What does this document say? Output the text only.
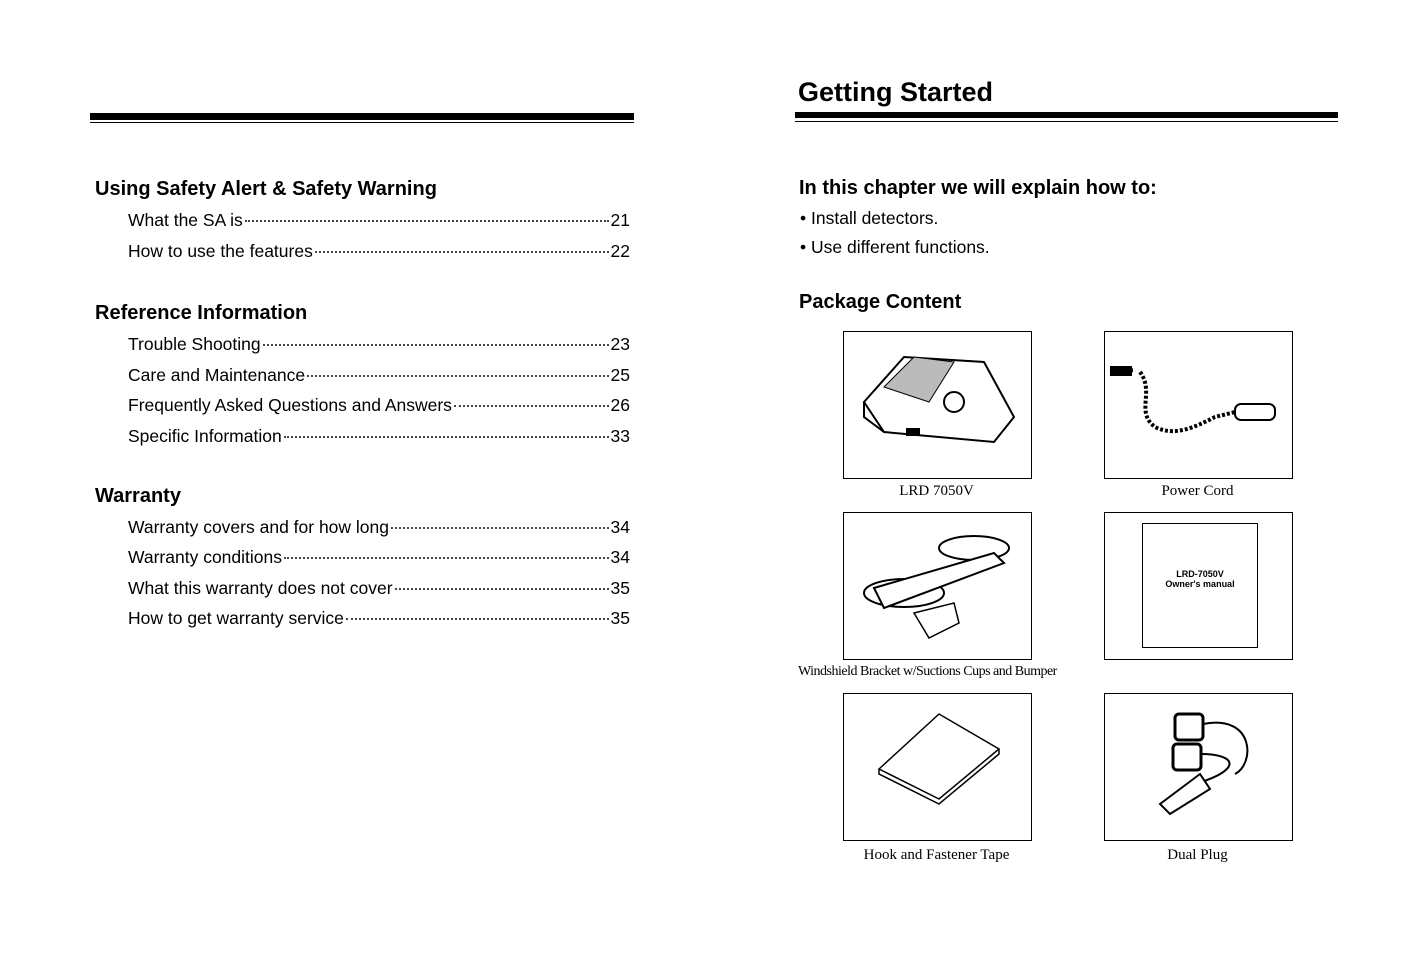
Using Safety Alert & Safety Warning
What the SA is	21
How to use the features	22
Reference Information
Trouble Shooting	23
Care and Maintenance	25
Frequently Asked Questions and Answers	26
Specific Information	33
Warranty
Warranty covers and for how long	34
Warranty conditions	34
What this warranty does not cover	35
How to get warranty service	35
Getting Started
In this chapter we will explain how to:
• Install detectors.
• Use different functions.
Package Content
LRD 7050V	Power Cord
LRD-7050V
Owner's manual
Windshield Bracket w/Suctions Cups and Bumper
Hook and Fastener Tape	Dual Plug
